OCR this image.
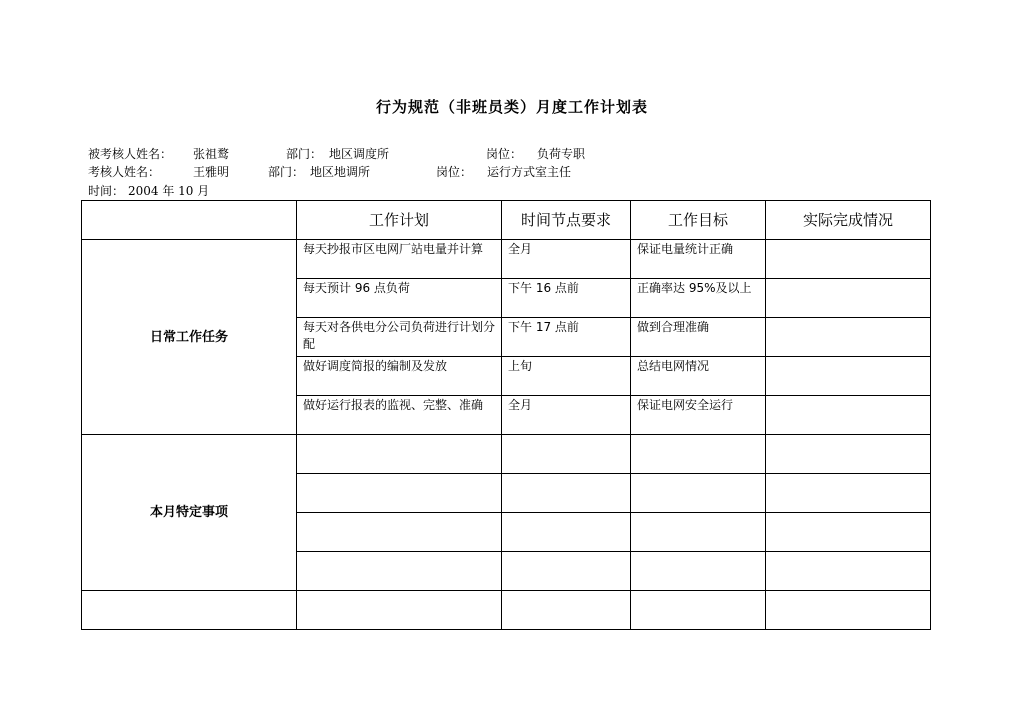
行为规范（非班员类）月度工作计划表
被考核人姓名： 张祖鹜	部门： 地区调度所	岗位： 负荷专职
考核人姓名：	王雅明	部门： 地区地调所	岗位： 运行方式室主任
时间： 2004 年 10 月
	工作计划	时间节点要求	工作目标	实际完成情况
日常工作任务	每天抄报市区电网厂站电量并计算	全月	保证电量统计正确	
	每天预计 96 点负荷	下午 16 点前	正确率达 95%及以上	
	每天对各供电分公司负荷进行计划分配	下午 17 点前	做到合理准确	
	做好调度简报的编制及发放	上旬	总结电网情况	
	做好运行报表的监视、完整、准确	全月	保证电网安全运行	
本月特定事项				
